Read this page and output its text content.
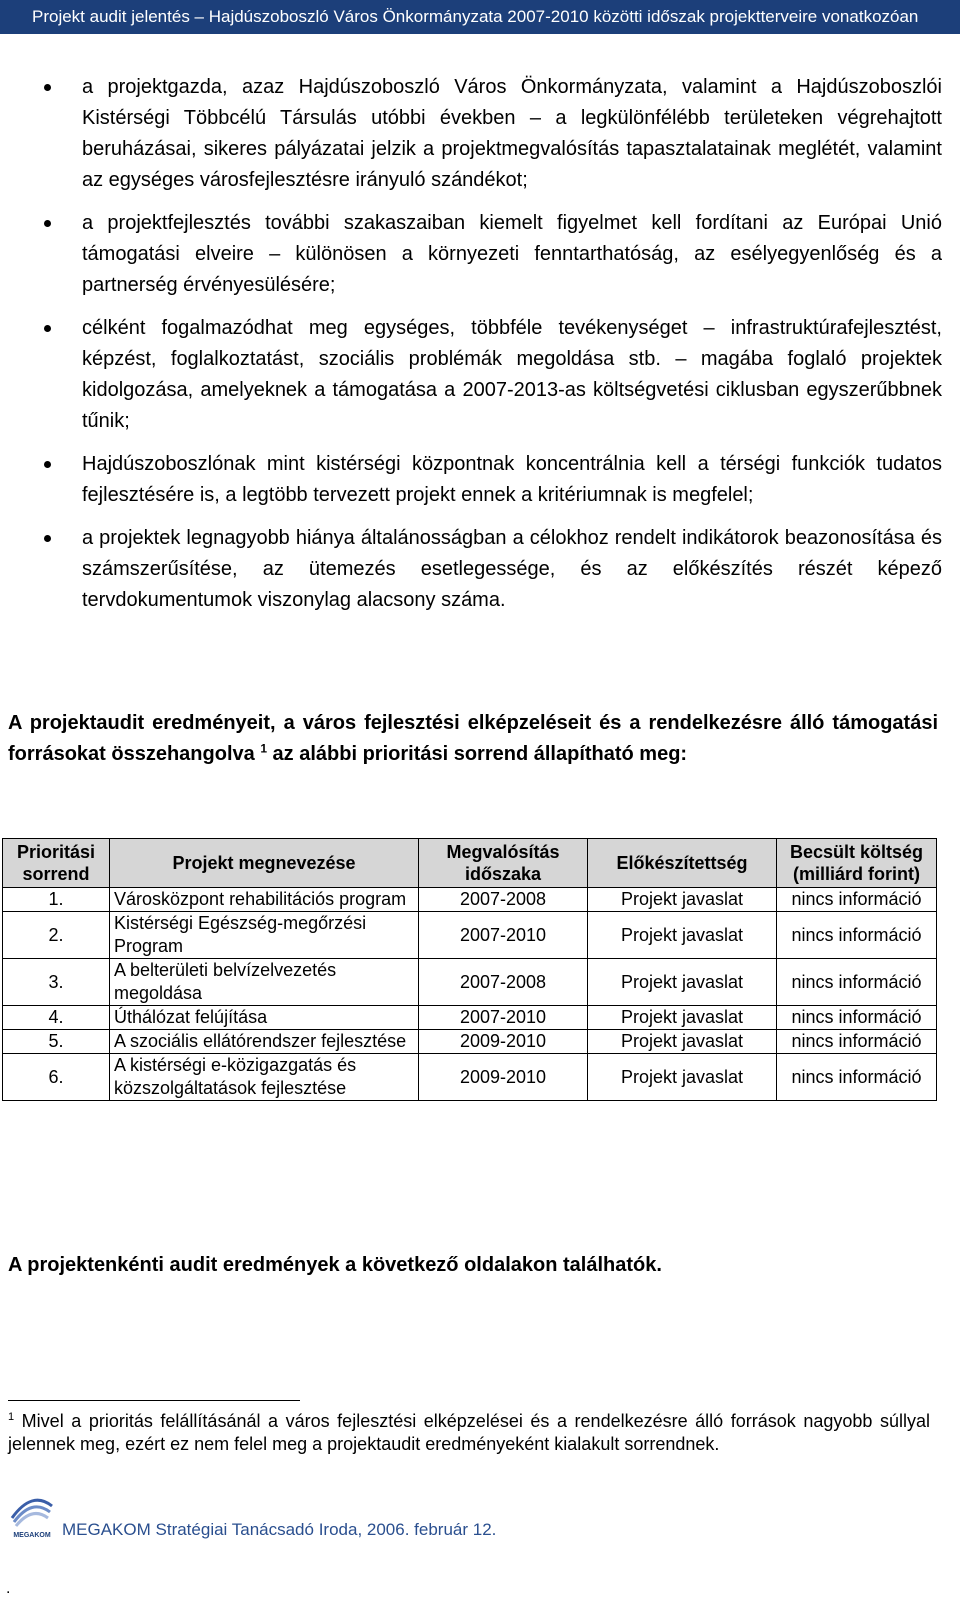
Projekt audit jelentés – Hajdúszoboszló Város Önkormányzata 2007-2010 közötti időszak projektterveire vonatkozóan
a projektgazda, azaz Hajdúszoboszló Város Önkormányzata, valamint a Hajdúszoboszlói Kistérségi Többcélú Társulás utóbbi években – a legkülönfélébb területeken végrehajtott beruházásai, sikeres pályázatai jelzik a projektmegvalósítás tapasztalatainak meglétét, valamint az egységes városfejlesztésre irányuló szándékot;
a projektfejlesztés további szakaszaiban kiemelt figyelmet kell fordítani az Európai Unió támogatási elveire – különösen a környezeti fenntarthatóság, az esélyegyenlőség és a partnerség érvényesülésére;
célként fogalmazódhat meg egységes, többféle tevékenységet – infrastruktúrafejlesztést, képzést, foglalkoztatást, szociális problémák megoldása stb. – magába foglaló projektek kidolgozása, amelyeknek a támogatása a 2007-2013-as költségvetési ciklusban egyszerűbbnek tűnik;
Hajdúszoboszlónak mint kistérségi központnak koncentrálnia kell a térségi funkciók tudatos fejlesztésére is, a legtöbb tervezett projekt ennek a kritériumnak is megfelel;
a projektek legnagyobb hiánya általánosságban a célokhoz rendelt indikátorok beazonosítása és számszerűsítése, az ütemezés esetlegessége, és az előkészítés részét képező tervdokumentumok viszonylag alacsony száma.
A projektaudit eredményeit, a város fejlesztési elképzeléseit és a rendelkezésre álló támogatási forrásokat összehangolva $^1$ az alábbi prioritási sorrend állapítható meg:
Prioritási sorrend	Projekt megnevezése	Megvalósítás időszaka	Előkészítettség	Becsült költség (milliárd forint)
1.	Városközpont rehabilitációs program	2007-2008	Projekt javaslat	nincs információ
2.	Kistérségi Egészség-megőrzési Program	2007-2010	Projekt javaslat	nincs információ
3.	A belterületi belvízelvezetés megoldása	2007-2008	Projekt javaslat	nincs információ
4.	Úthálózat felújítása	2007-2010	Projekt javaslat	nincs információ
5.	A szociális ellátórendszer fejlesztése	2009-2010	Projekt javaslat	nincs információ
6.	A kistérségi e-közigazgatás és közszolgáltatások fejlesztése	2009-2010	Projekt javaslat	nincs információ
A projektenkénti audit eredmények a következő oldalakon találhatók.
$^1$ Mivel a prioritás felállításánál a város fejlesztési elképzelései és a rendelkezésre álló források nagyobb súllyal jelennek meg, ezért ez nem felel meg a projektaudit eredményeként kialakult sorrendnek.
MEGAKOM MEGAKOM Stratégiai Tanácsadó Iroda, 2006. február 12.
.
